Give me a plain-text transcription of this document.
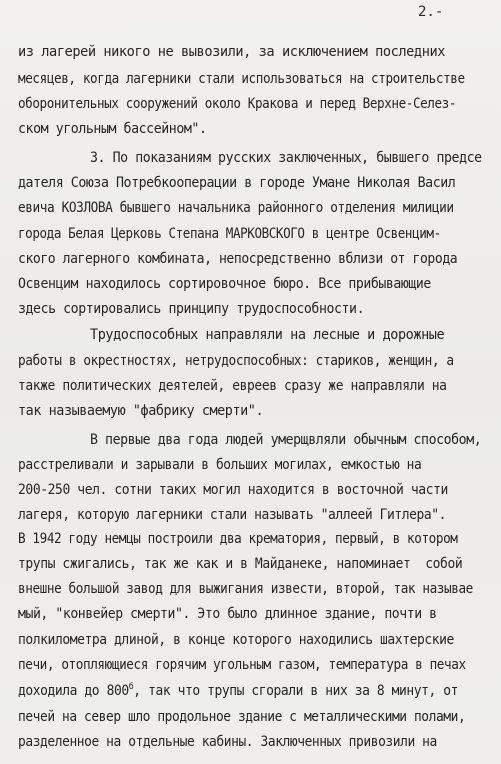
2.-
из лагерей никого не вывозили, за исключением последних
месяцев, когда лагерники стали использоваться на строительстве
оборонительных сооружений около Кракова и перед Верхне-Селез-
ском угольным бассейном".
3. По показаниям русских заключенных, бывшего предсе
дателя Союза Потребкооперации в городе Умане Николая Васил
евича КОЗЛОВА бывшего начальника районного отделения милиции
города Белая Церковь Степана МАРКОВСКОГО в центре Освенцим-
ского лагерного комбината, непосредственно вблизи от города
Освенцим находилось сортировочное бюро. Все прибывающие
здесь сортировались принципу трудоспособности.
Трудоспособных направляли на лесные и дорожные
работы в окрестностях, нетрудоспособных: стариков, женщин, а
также политических деятелей, евреев сразу же направляли на
так называемую "фабрику смерти".
В первые два года людей умерщвляли обычным способом,
расстреливали и зарывали в больших могилах, емкостью на
200-250 чел. сотни таких могил находится в восточной части
лагеря, которую лагерники стали называть "аллеей Гитлера".
В 1942 году немцы построили два крематория, первый, в котором
трупы сжигались, так же как и в Майданеке, напоминает  собой
внешне большой завод для выжигания извести, второй, так называе
мый, "конвейер смерти". Это было длинное здание, почти в
полкилометра длиной, в конце которого находились шахтерские
печи, отопляющиеся горячим угольным газом, температура в печах
доходила до $800^б$, так что трупы сгорали в них за 8 минут, от
печей на север шло продольное здание с металлическими полами,
разделенное на отдельные кабины. Заключенных привозили на
